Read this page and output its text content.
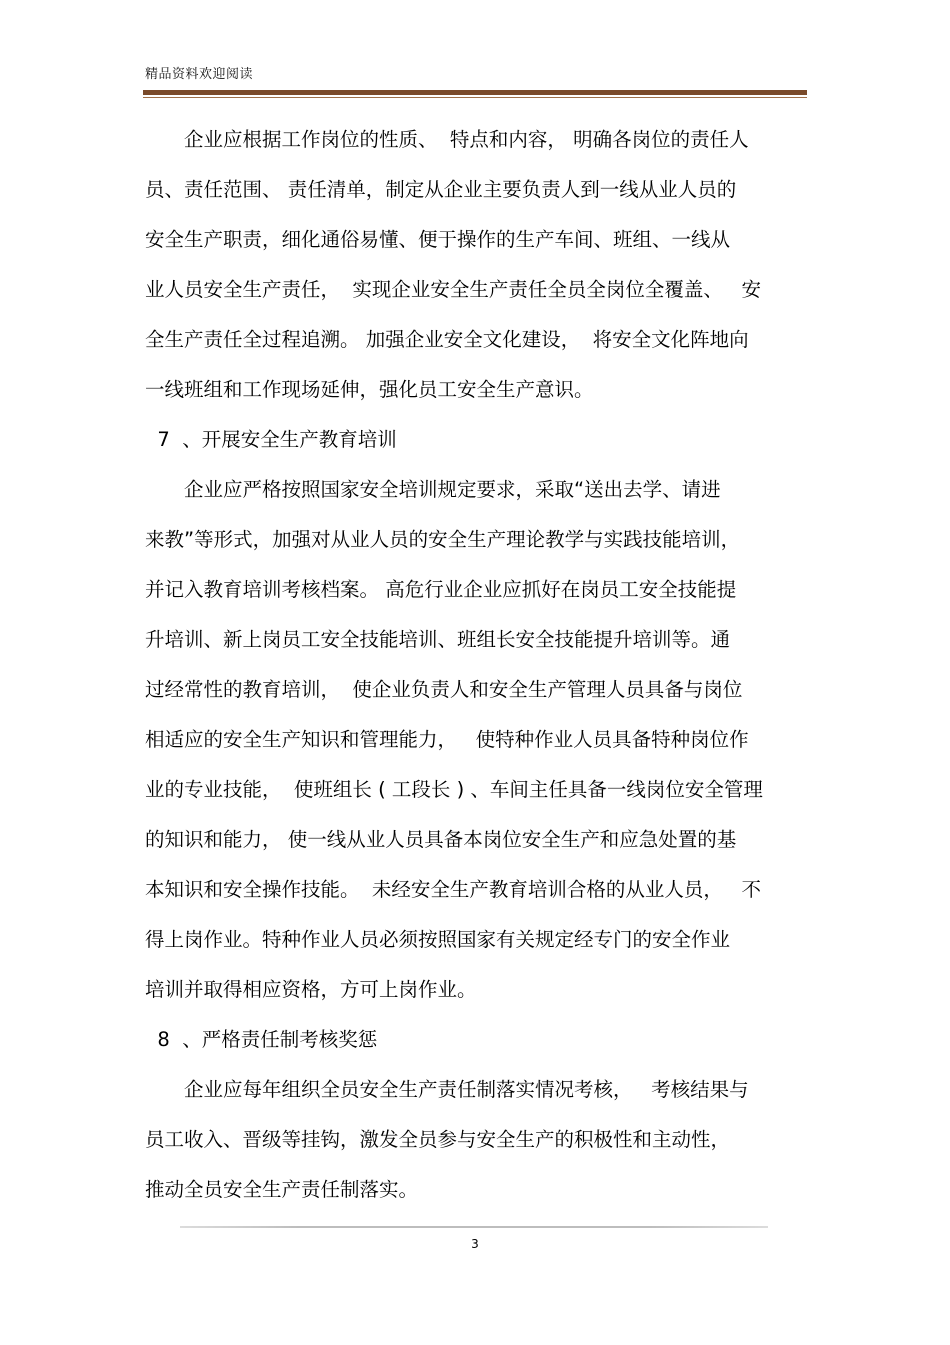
精品资料欢迎阅读
　　企业应根据工作岗位的性质、  特点和内容， 明确各岗位的责任人
员、责任范围、 责任清单，制定从企业主要负责人到一线从业人员的
安全生产职责，细化通俗易懂、便于操作的生产车间、班组、一线从
业人员安全生产责任，  实现企业安全生产责任全员全岗位全覆盖、   安
全生产责任全过程追溯。 加强企业安全文化建设，  将安全文化阵地向
一线班组和工作现场延伸，强化员工安全生产意识。
7  、开展安全生产教育培训
　　企业应严格按照国家安全培训规定要求，采取“送出去学、请进
来教”等形式，加强对从业人员的安全生产理论教学与实践技能培训，
并记入教育培训考核档案。 高危行业企业应抓好在岗员工安全技能提
升培训、新上岗员工安全技能培训、班组长安全技能提升培训等。通
过经常性的教育培训，  使企业负责人和安全生产管理人员具备与岗位
相适应的安全生产知识和管理能力，   使特种作业人员具备特种岗位作
业的专业技能，  使班组长 ( 工段长 ) 、车间主任具备一线岗位安全管理
的知识和能力， 使一线从业人员具备本岗位安全生产和应急处置的基
本知识和安全操作技能。  未经安全生产教育培训合格的从业人员，   不
得上岗作业。特种作业人员必须按照国家有关规定经专门的安全作业
培训并取得相应资格，方可上岗作业。
8  、严格责任制考核奖惩
　　企业应每年组织全员安全生产责任制落实情况考核，   考核结果与
员工收入、晋级等挂钩，激发全员参与安全生产的积极性和主动性，
推动全员安全生产责任制落实。
3
